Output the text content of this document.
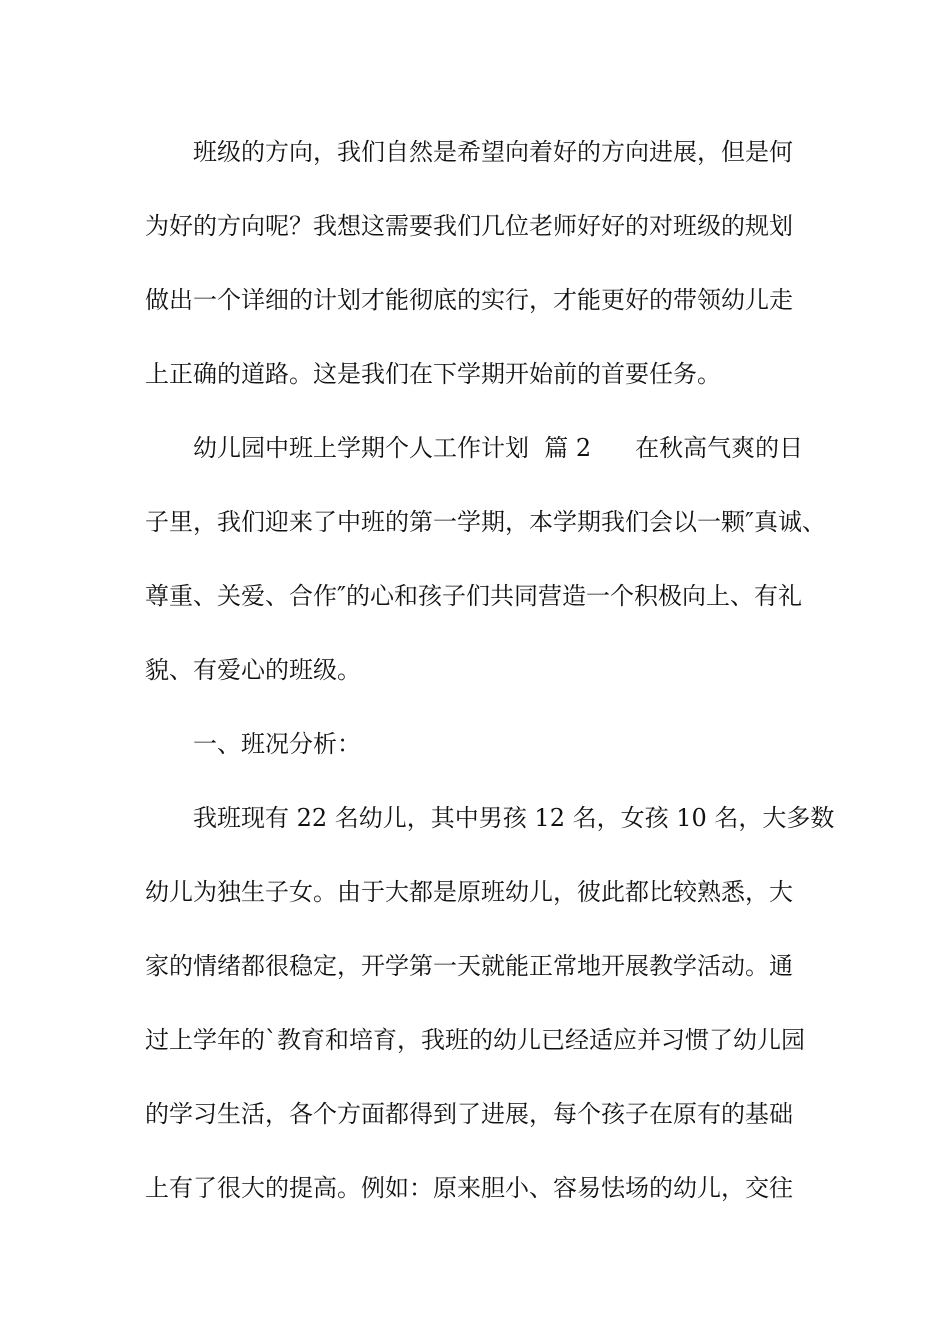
班级的方向，我们自然是希望向着好的方向进展，但是何
为好的方向呢？我想这需要我们几位老师好好的对班级的规划
做出一个详细的计划才能彻底的实行，才能更好的带领幼儿走
上正确的道路。这是我们在下学期开始前的首要任务。
幼儿园中班上学期个人工作计划  篇 2 在秋高气爽的日
子里，我们迎来了中班的第一学期，本学期我们会以一颗″真诚、
尊重、关爱、合作″的心和孩子们共同营造一个积极向上、有礼
貌、有爱心的班级。
一、班况分析：
我班现有 22 名幼儿，其中男孩 12 名，女孩 10 名，大多数
幼儿为独生子女。由于大都是原班幼儿，彼此都比较熟悉，大
家的情绪都很稳定，开学第一天就能正常地开展教学活动。通
过上学年的`教育和培育，我班的幼儿已经适应并习惯了幼儿园
的学习生活，各个方面都得到了进展，每个孩子在原有的基础
上有了很大的提高。例如：原来胆小、容易怯场的幼儿，交往
